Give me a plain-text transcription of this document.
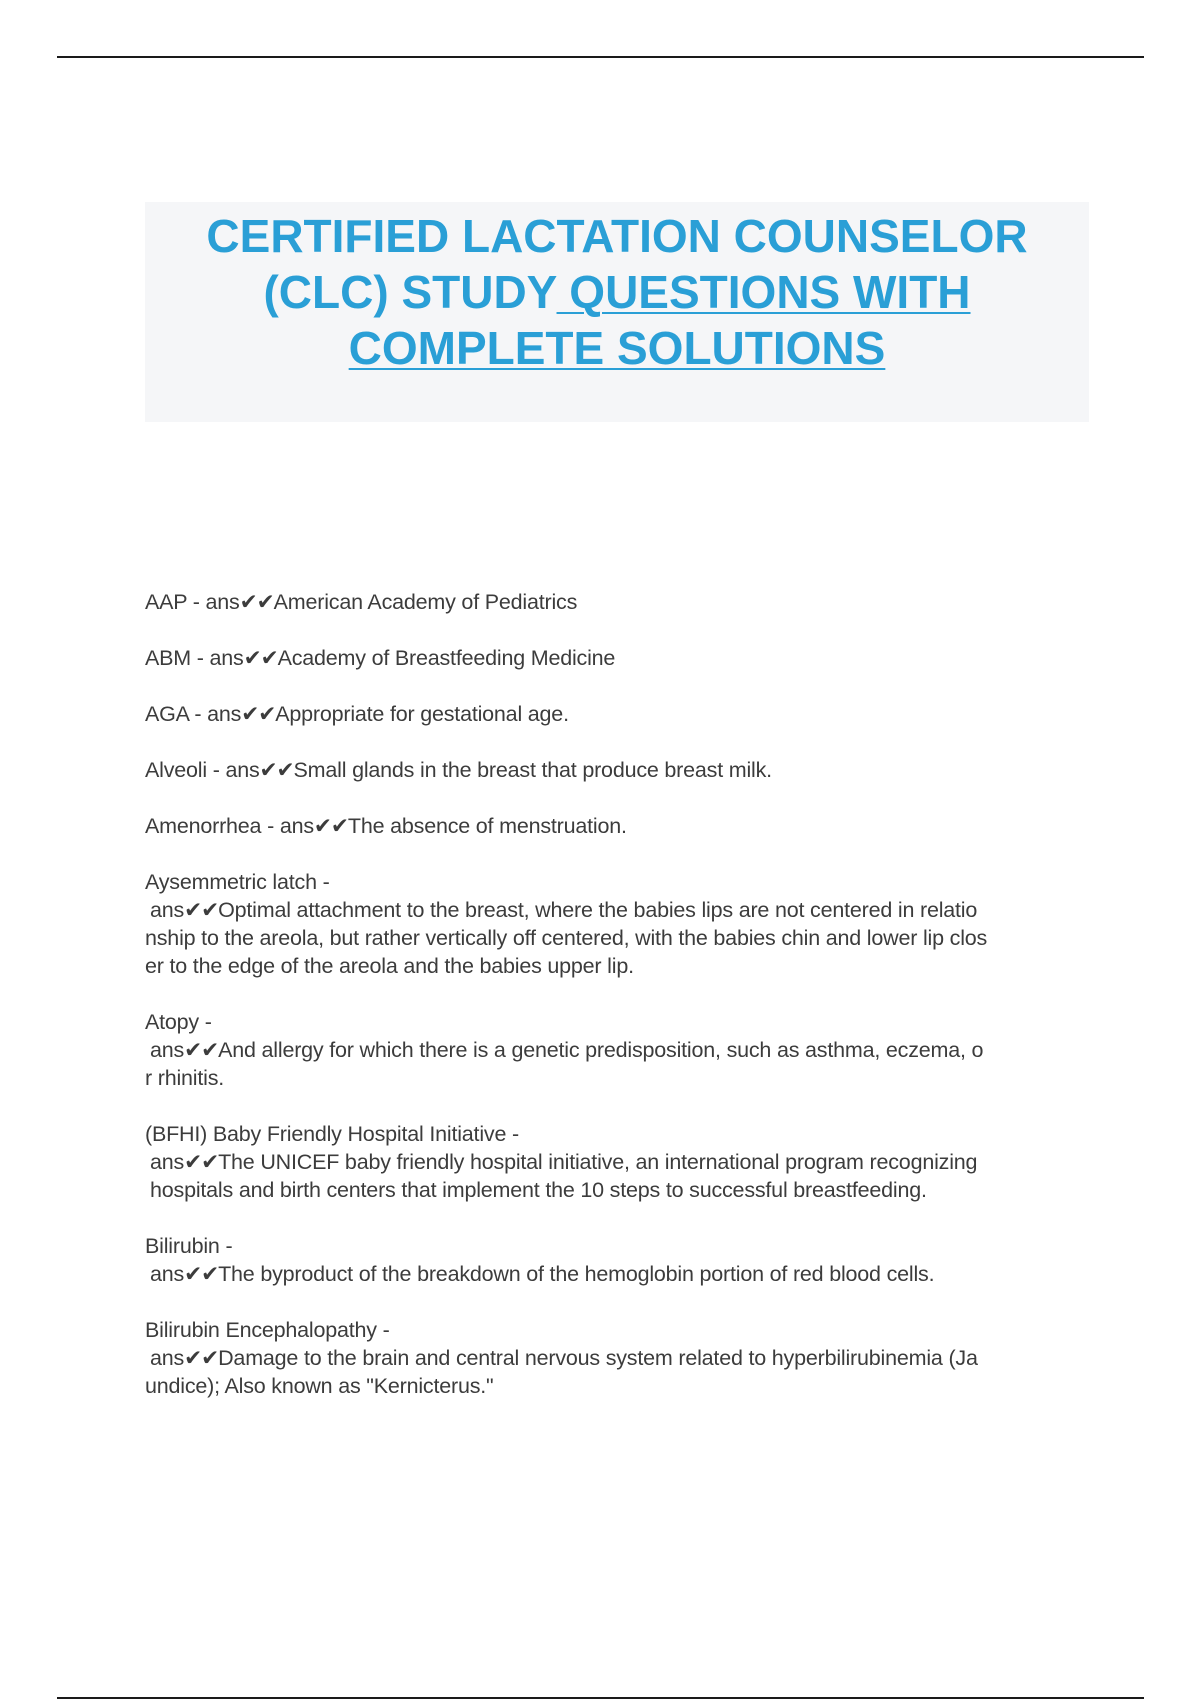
CERTIFIED LACTATION COUNSELOR
(CLC) STUDY QUESTIONS WITH
COMPLETE SOLUTIONS

AAP - ans✔✔American Academy of Pediatrics

ABM - ans✔✔Academy of Breastfeeding Medicine

AGA - ans✔✔Appropriate for gestational age.

Alveoli - ans✔✔Small glands in the breast that produce breast milk.

Amenorrhea - ans✔✔The absence of menstruation.

Aysemmetric latch -
ans✔✔Optimal attachment to the breast, where the babies lips are not centered in relatio
nship to the areola, but rather vertically off centered, with the babies chin and lower lip clos
er to the edge of the areola and the babies upper lip.

Atopy -
ans✔✔And allergy for which there is a genetic predisposition, such as asthma, eczema, o
r rhinitis.

(BFHI) Baby Friendly Hospital Initiative -
ans✔✔The UNICEF baby friendly hospital initiative, an international program recognizing
hospitals and birth centers that implement the 10 steps to successful breastfeeding.

Bilirubin -
ans✔✔The byproduct of the breakdown of the hemoglobin portion of red blood cells.

Bilirubin Encephalopathy -
ans✔✔Damage to the brain and central nervous system related to hyperbilirubinemia (Ja
undice); Also known as "Kernicterus."
